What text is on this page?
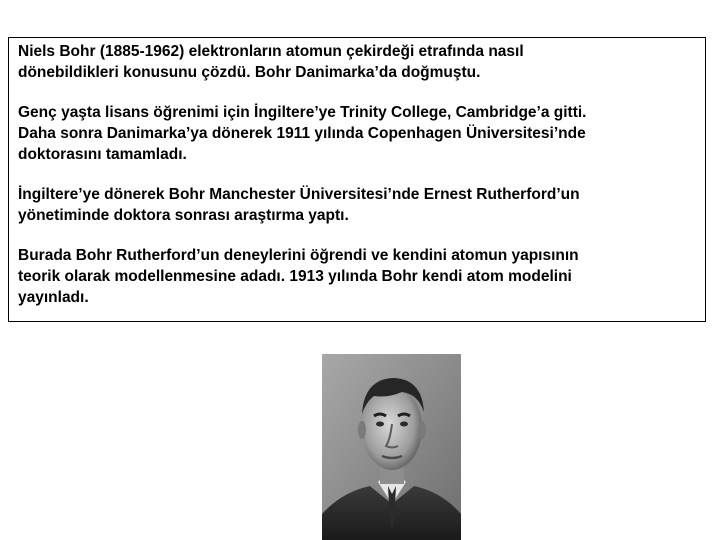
Niels Bohr (1885-1962) elektronların atomun çekirdeği etrafında nasıl
dönebildikleri konusunu çözdü. Bohr Danimarka’da doğmuştu.

Genç yaşta lisans öğrenimi için İngiltere’ye Trinity College, Cambridge’a gitti.
Daha sonra Danimarka’ya dönerek 1911 yılında Copenhagen Üniversitesi’nde
doktorasını tamamladı.

İngiltere’ye dönerek Bohr Manchester Üniversitesi’nde Ernest Rutherford’un
yönetiminde doktora sonrası araştırma yaptı.

Burada Bohr Rutherford’un deneylerini öğrendi ve kendini atomun yapısının
teorik olarak modellenmesine adadı. 1913 yılında Bohr kendi atom modelini
yayınladı.
